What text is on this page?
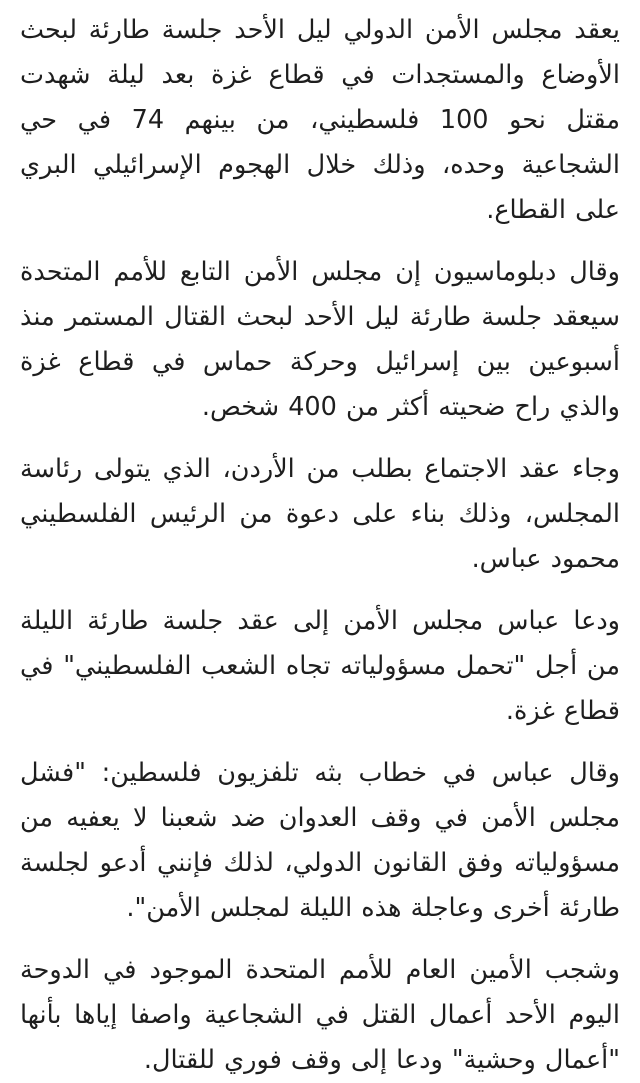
يعقد مجلس الأمن الدولي ليل الأحد جلسة طارئة لبحث الأوضاع والمستجدات في قطاع غزة بعد ليلة شهدت مقتل نحو 100 فلسطيني، من بينهم 74 في حي الشجاعية وحده، وذلك خلال الهجوم الإسرائيلي البري على القطاع.

وقال دبلوماسيون إن مجلس الأمن التابع للأمم المتحدة سيعقد جلسة طارئة ليل الأحد لبحث القتال المستمر منذ أسبوعين بين إسرائيل وحركة حماس في قطاع غزة والذي راح ضحيته أكثر من 400 شخص.

وجاء عقد الاجتماع بطلب من الأردن، الذي يتولى رئاسة المجلس، وذلك بناء على دعوة من الرئيس الفلسطيني محمود عباس.

ودعا عباس مجلس الأمن إلى عقد جلسة طارئة الليلة من أجل "تحمل مسؤولياته تجاه الشعب الفلسطيني" في قطاع غزة.

وقال عباس في خطاب بثه تلفزيون فلسطين: "فشل مجلس الأمن في وقف العدوان ضد شعبنا لا يعفيه من مسؤولياته وفق القانون الدولي، لذلك فإنني أدعو لجلسة طارئة أخرى وعاجلة هذه الليلة لمجلس الأمن".

وشجب الأمين العام للأمم المتحدة الموجود في الدوحة اليوم الأحد أعمال القتل في الشجاعية واصفا إياها بأنها "أعمال وحشية" ودعا إلى وقف فوري للقتال.
